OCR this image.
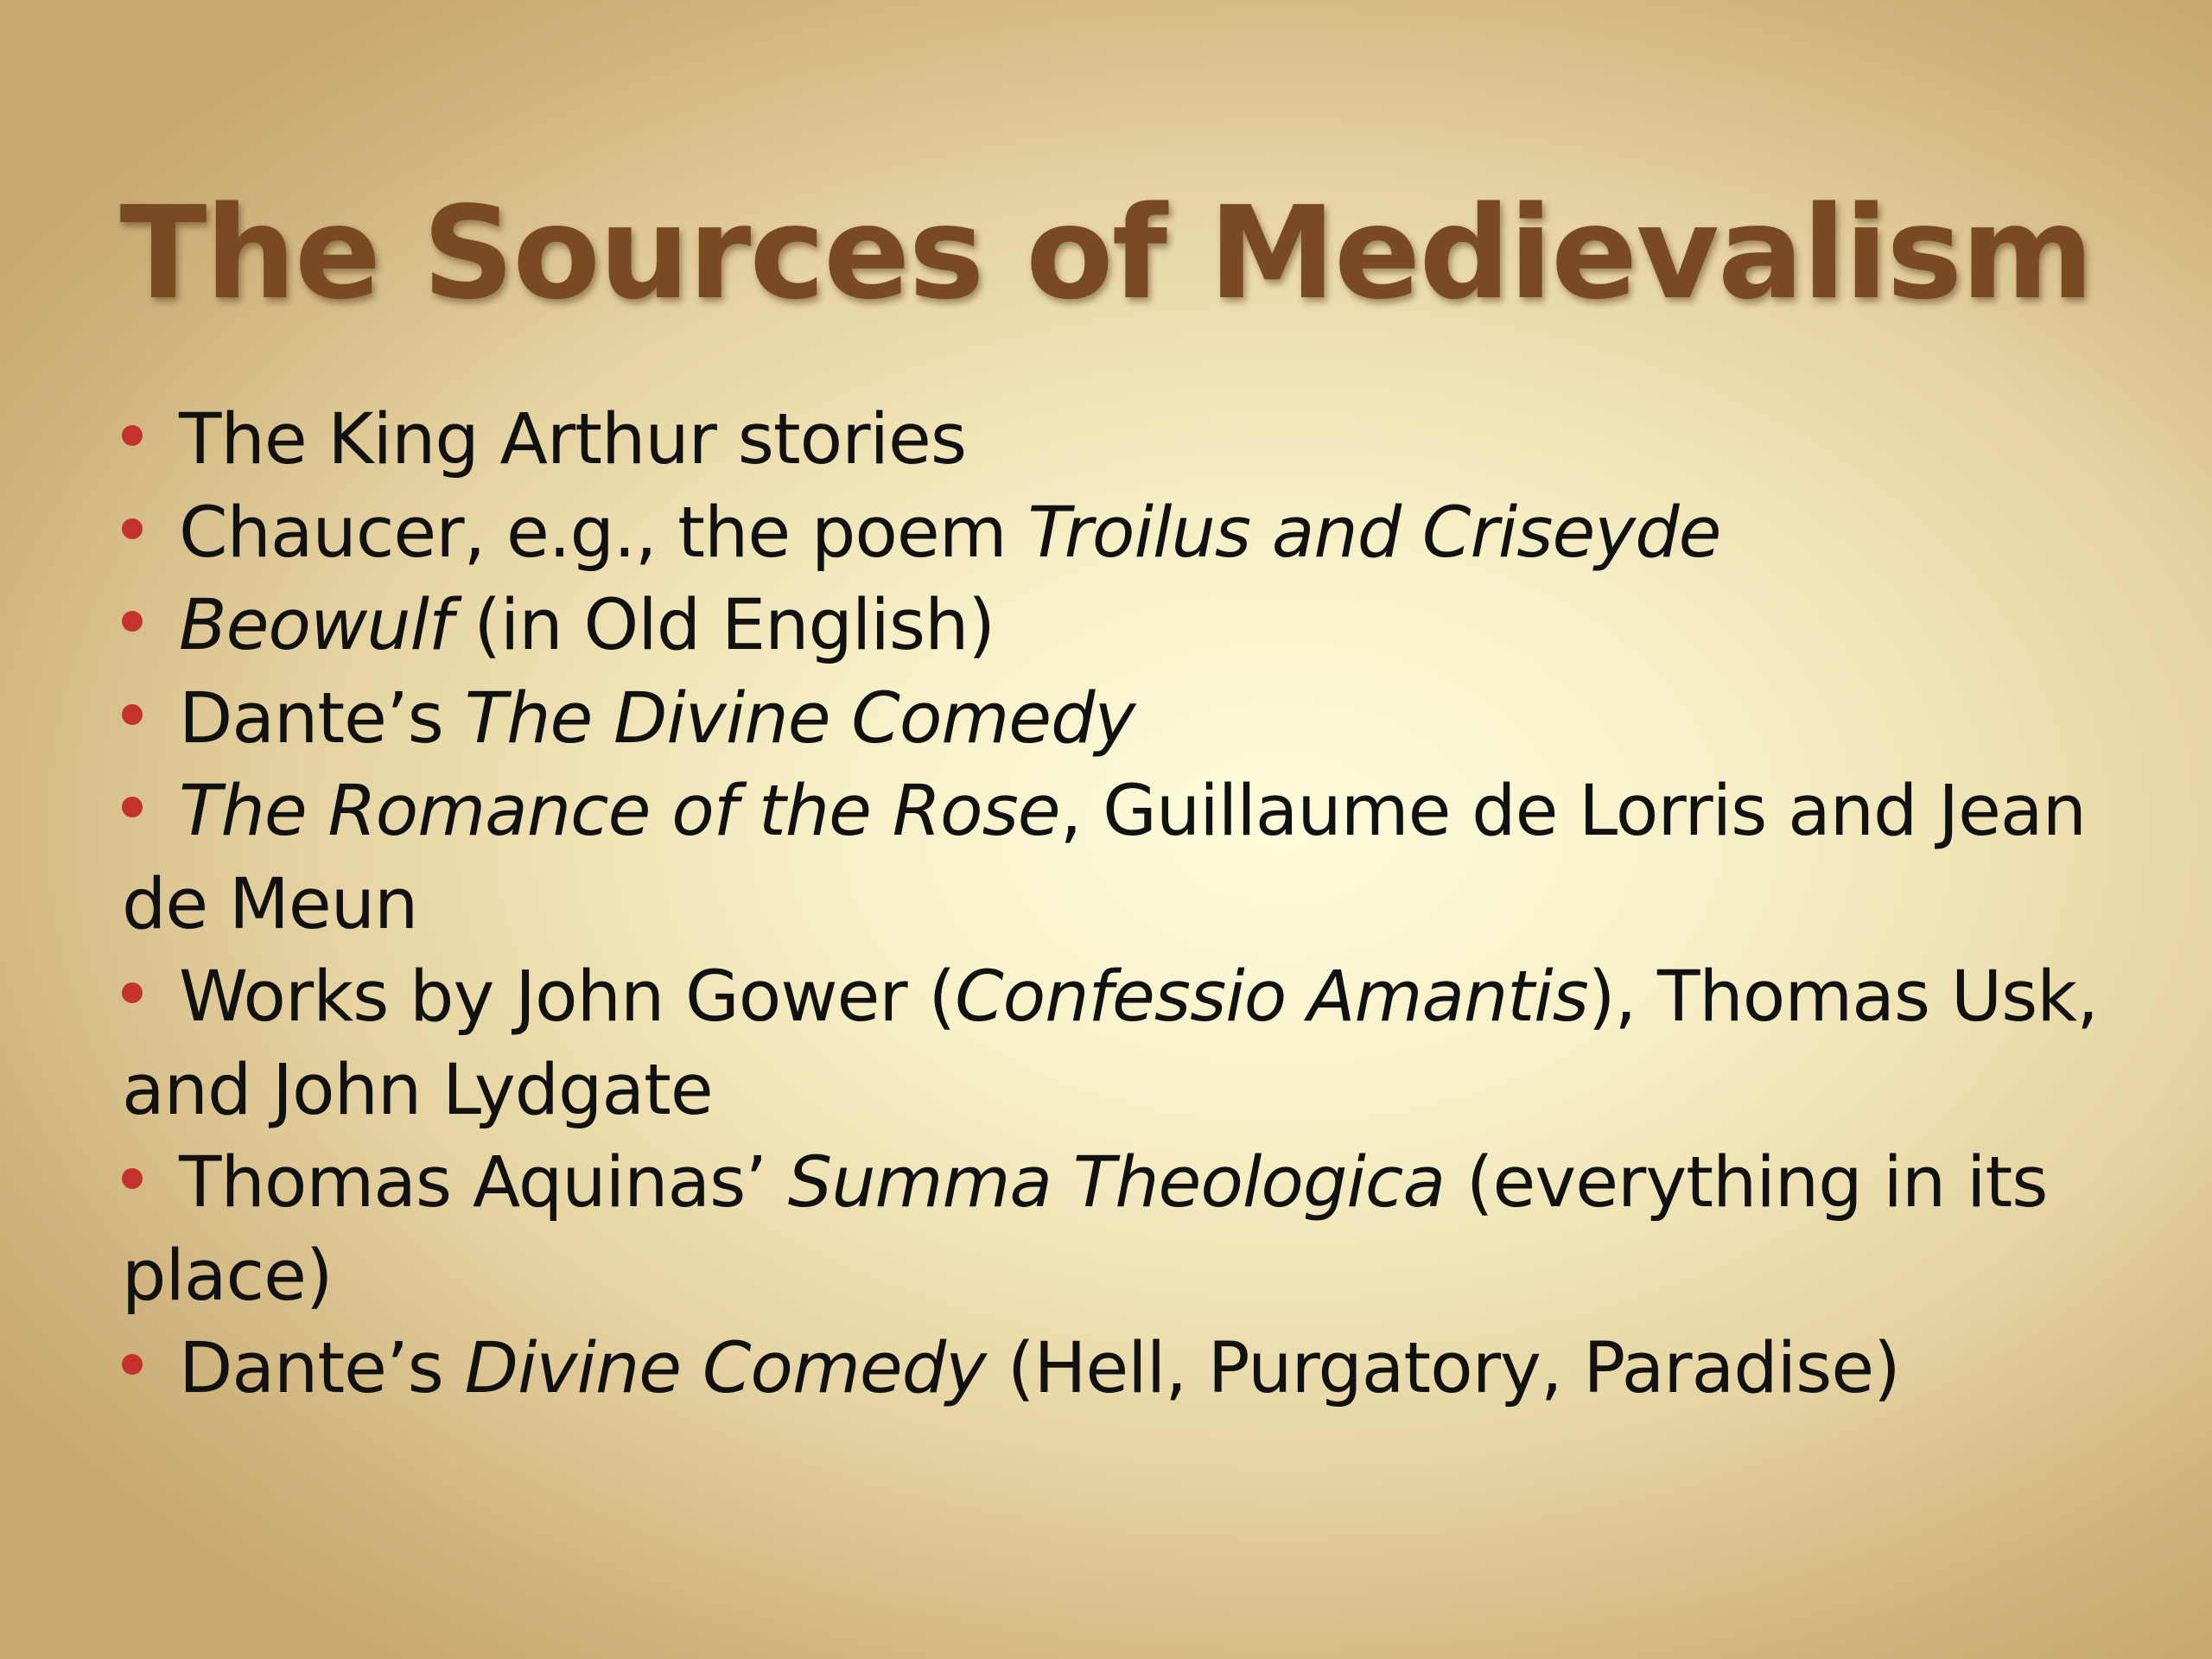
The Sources of Medievalism
The King Arthur stories
Chaucer, e.g., the poem Troilus and Criseyde
Beowulf (in Old English)
Dante’s The Divine Comedy
The Romance of the Rose, Guillaume de Lorris and Jean de Meun
Works by John Gower (Confessio Amantis), Thomas Usk, and John Lydgate
Thomas Aquinas’ Summa Theologica (everything in its place)
Dante’s Divine Comedy (Hell, Purgatory, Paradise)
